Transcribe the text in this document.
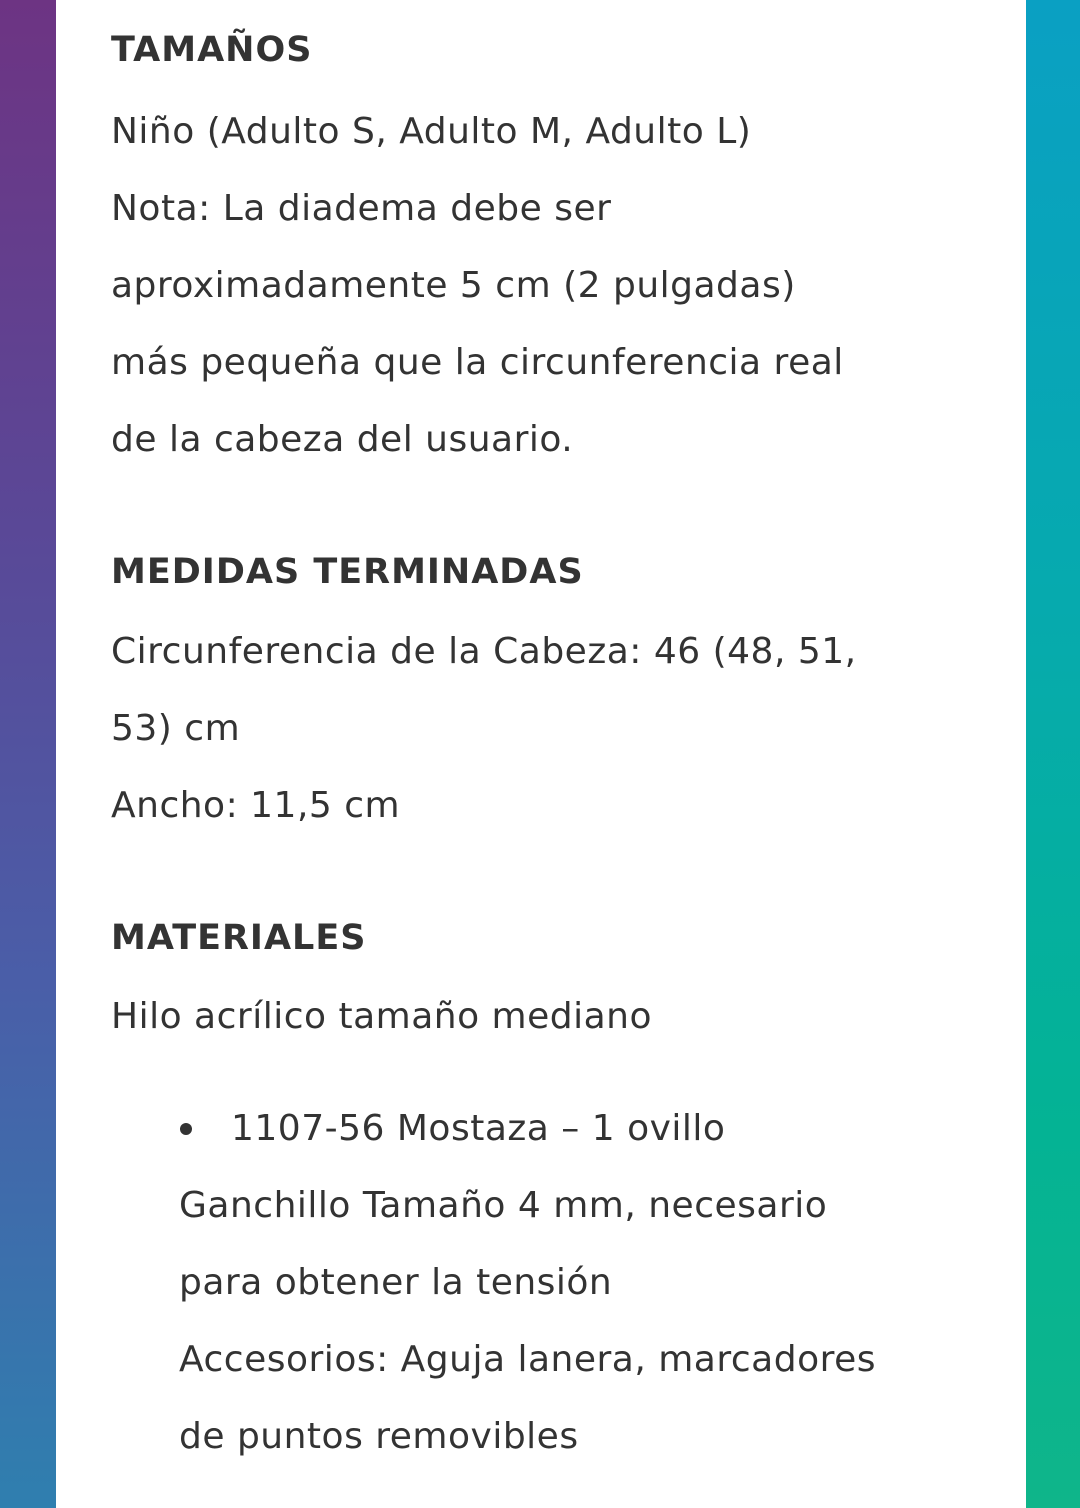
TAMAÑOS

Niño (Adulto S, Adulto M, Adulto L)
Nota: La diadema debe ser
aproximadamente 5 cm (2 pulgadas)
más pequeña que la circunferencia real
de la cabeza del usuario.

MEDIDAS TERMINADAS

Circunferencia de la Cabeza: 46 (48, 51,
53) cm
Ancho: 11,5 cm

MATERIALES

Hilo acrílico tamaño mediano

1107-56 Mostaza – 1 ovillo

Ganchillo Tamaño 4 mm, necesario
para obtener la tensión
Accesorios: Aguja lanera, marcadores
de puntos removibles
